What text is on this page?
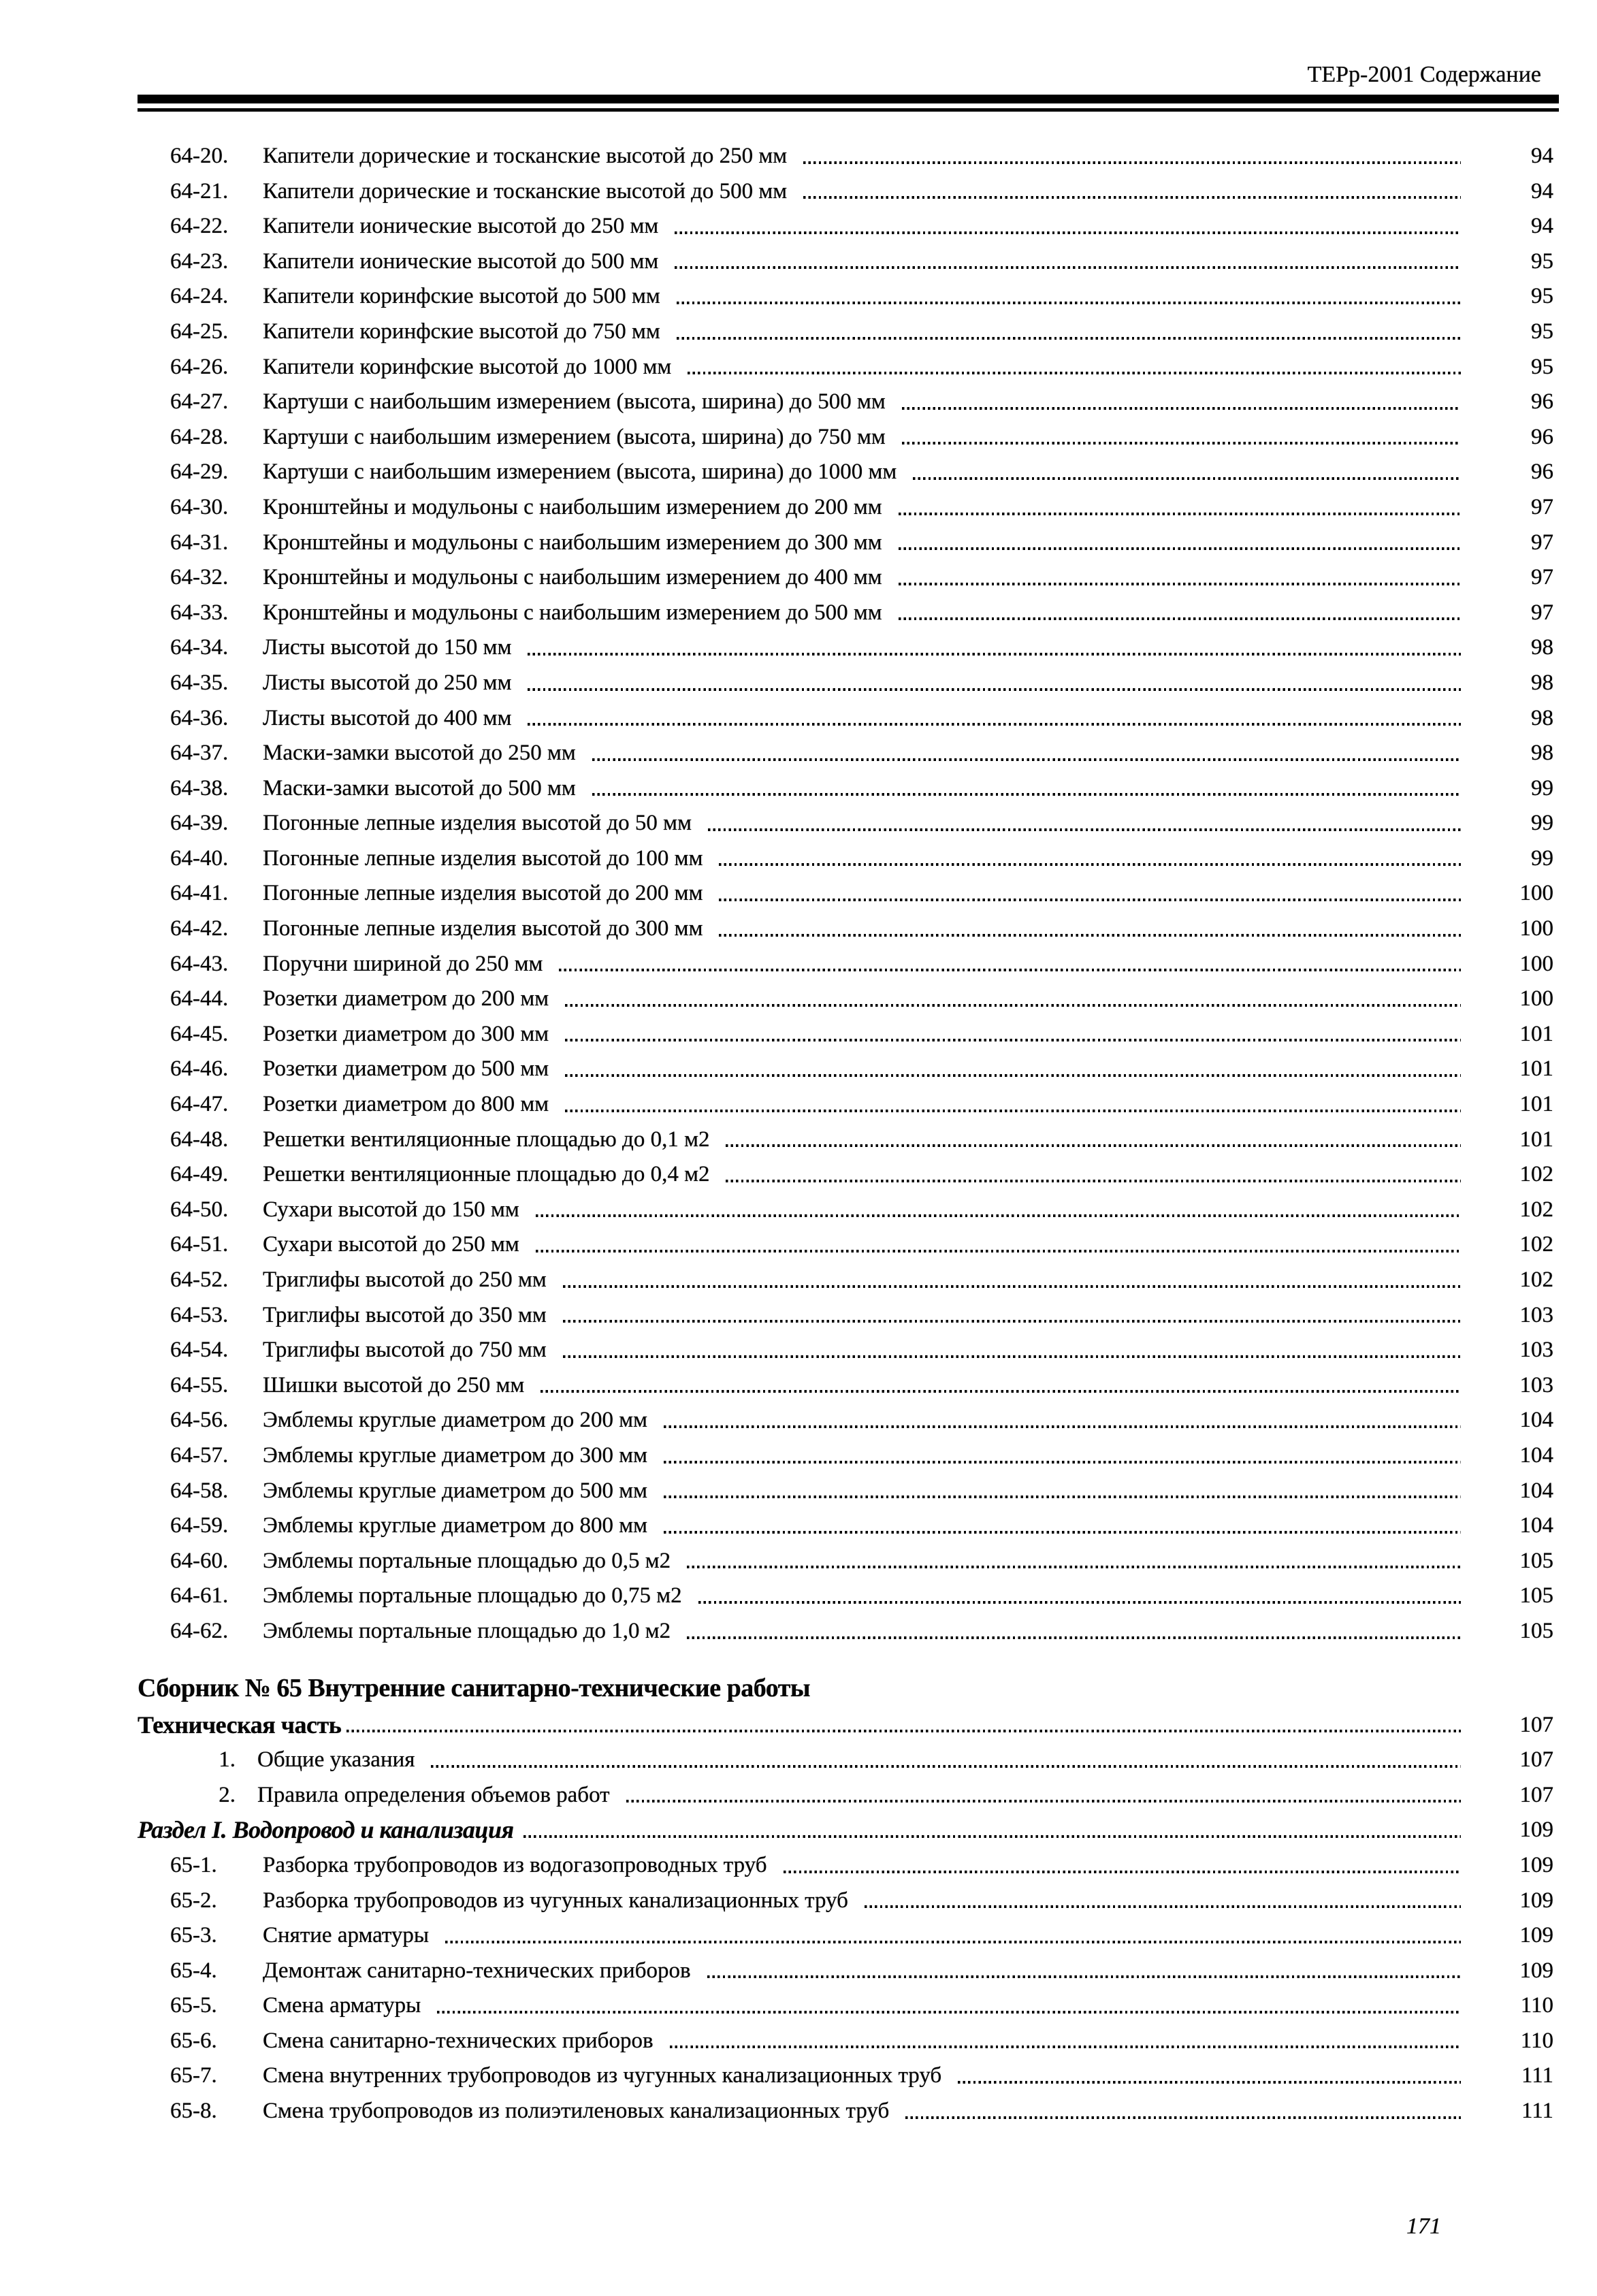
ТЕРр-2001 Содержание
64-20.	Капители дорические и тосканские высотой до 250 мм	94
64-21.	Капители дорические и тосканские высотой до 500 мм	94
64-22.	Капители ионические высотой до 250 мм	94
64-23.	Капители ионические высотой до 500 мм	95
64-24.	Капители коринфские высотой до 500 мм	95
64-25.	Капители коринфские высотой до 750 мм	95
64-26.	Капители коринфские высотой до 1000 мм	95
64-27.	Картуши с наибольшим измерением (высота, ширина) до 500 мм	96
64-28.	Картуши с наибольшим измерением (высота, ширина) до 750 мм	96
64-29.	Картуши с наибольшим измерением (высота, ширина) до 1000 мм	96
64-30.	Кронштейны и модульоны с наибольшим измерением до 200 мм	97
64-31.	Кронштейны и модульоны с наибольшим измерением до 300 мм	97
64-32.	Кронштейны и модульоны с наибольшим измерением до 400 мм	97
64-33.	Кронштейны и модульоны с наибольшим измерением до 500 мм	97
64-34.	Листы высотой до 150 мм	98
64-35.	Листы высотой до 250 мм	98
64-36.	Листы высотой до 400 мм	98
64-37.	Маски-замки высотой до 250 мм	98
64-38.	Маски-замки высотой до 500 мм	99
64-39.	Погонные лепные изделия высотой до 50 мм	99
64-40.	Погонные лепные изделия высотой до 100 мм	99
64-41.	Погонные лепные изделия высотой до 200 мм	100
64-42.	Погонные лепные изделия высотой до 300 мм	100
64-43.	Поручни шириной до 250 мм	100
64-44.	Розетки диаметром до 200 мм	100
64-45.	Розетки диаметром до 300 мм	101
64-46.	Розетки диаметром до 500 мм	101
64-47.	Розетки диаметром до 800 мм	101
64-48.	Решетки вентиляционные площадью до 0,1 м2	101
64-49.	Решетки вентиляционные площадью до 0,4 м2	102
64-50.	Сухари высотой до 150 мм	102
64-51.	Сухари высотой до 250 мм	102
64-52.	Триглифы высотой до 250 мм	102
64-53.	Триглифы высотой до 350 мм	103
64-54.	Триглифы высотой до 750 мм	103
64-55.	Шишки высотой до 250 мм	103
64-56.	Эмблемы круглые диаметром до 200 мм	104
64-57.	Эмблемы круглые диаметром до 300 мм	104
64-58.	Эмблемы круглые диаметром до 500 мм	104
64-59.	Эмблемы круглые диаметром до 800 мм	104
64-60.	Эмблемы портальные площадью до 0,5 м2	105
64-61.	Эмблемы портальные площадью до 0,75 м2	105
64-62.	Эмблемы портальные площадью до 1,0 м2	105
Сборник № 65 Внутренние санитарно-технические работы
Техническая часть	107
1. Общие указания	107
2. Правила определения объемов работ	107
Раздел I. Водопровод и канализация	109
65-1.	Разборка трубопроводов из водогазопроводных труб	109
65-2.	Разборка трубопроводов из чугунных канализационных труб	109
65-3.	Снятие арматуры	109
65-4.	Демонтаж санитарно-технических приборов	109
65-5.	Смена арматуры	110
65-6.	Смена санитарно-технических приборов	110
65-7.	Смена внутренних трубопроводов из чугунных канализационных труб	111
65-8.	Смена трубопроводов из полиэтиленовых канализационных труб	111
171
